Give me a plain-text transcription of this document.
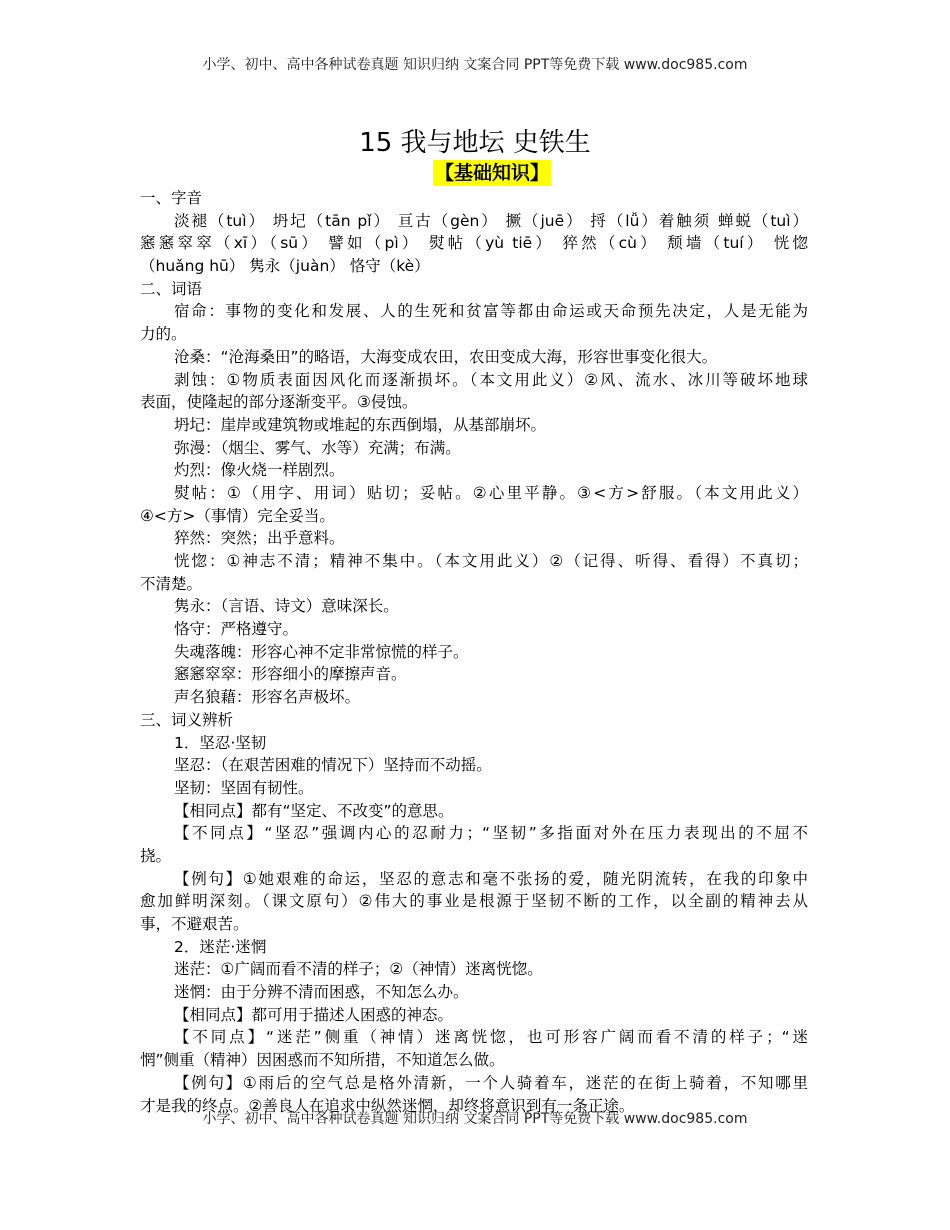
小学、初中、高中各种试卷真题 知识归纳 文案合同 PPT等免费下载 www.doc985.com
15 我与地坛 史铁生
【基础知识】
一、字音
淡褪（tuì） 坍圮（tān pǐ） 亘古（gèn） 撅（juē） 捋（lǚ）着触须 蝉蜕（tuì）
窸窸窣窣（xī）（sū） 譬如（pì） 熨帖（yù tiē） 猝然（cù） 颓墙（tuí） 恍惚
（huǎng hū） 隽永（juàn） 恪守（kè）
二、词语
宿命：事物的变化和发展、人的生死和贫富等都由命运或天命预先决定，人是无能为
力的。
沧桑：“沧海桑田”的略语，大海变成农田，农田变成大海，形容世事变化很大。
剥蚀：①物质表面因风化而逐渐损坏。（本文用此义）②风、流水、冰川等破坏地球
表面，使隆起的部分逐渐变平。③侵蚀。
坍圮：崖岸或建筑物或堆起的东西倒塌，从基部崩坏。
弥漫：（烟尘、雾气、水等）充满；布满。
灼烈：像火烧一样剧烈。
熨帖：①（用字、用词）贴切；妥帖。②心里平静。③<方>舒服。（本文用此义）
④<方>（事情）完全妥当。
猝然：突然；出乎意料。
恍惚：①神志不清；精神不集中。（本文用此义）②（记得、听得、看得）不真切；
不清楚。
隽永：（言语、诗文）意味深长。
恪守：严格遵守。
失魂落魄：形容心神不定非常惊慌的样子。
窸窸窣窣：形容细小的摩擦声音。
声名狼藉：形容名声极坏。
三、词义辨析
1．坚忍·坚韧
坚忍：（在艰苦困难的情况下）坚持而不动摇。
坚韧：坚固有韧性。
【相同点】都有“坚定、不改变”的意思。
【不同点】“坚忍”强调内心的忍耐力；“坚韧”多指面对外在压力表现出的不屈不
挠。
【例句】①她艰难的命运，坚忍的意志和毫不张扬的爱，随光阴流转，在我的印象中
愈加鲜明深刻。（课文原句）②伟大的事业是根源于坚韧不断的工作，以全副的精神去从
事，不避艰苦。
2．迷茫·迷惘
迷茫：①广阔而看不清的样子；②（神情）迷离恍惚。
迷惘：由于分辨不清而困惑，不知怎么办。
【相同点】都可用于描述人困惑的神态。
【不同点】“迷茫”侧重（神情）迷离恍惚，也可形容广阔而看不清的样子；“迷
惘”侧重（精神）因困惑而不知所措，不知道怎么做。
【例句】①雨后的空气总是格外清新，一个人骑着车，迷茫的在街上骑着，不知哪里
才是我的终点。②善良人在追求中纵然迷惘，却终将意识到有一条正途。
小学、初中、高中各种试卷真题 知识归纳 文案合同 PPT等免费下载 www.doc985.com
